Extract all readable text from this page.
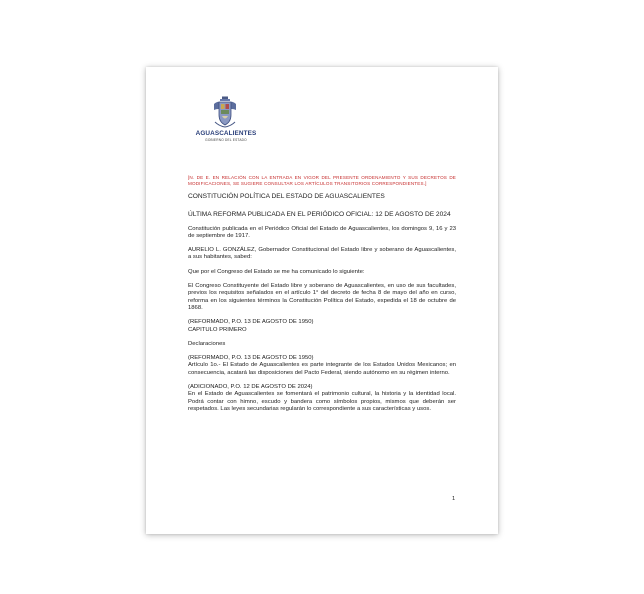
AGUASCALIENTES
GOBIERNO DEL ESTADO

[N. DE E. EN RELACIÓN CON LA ENTRADA EN VIGOR DEL PRESENTE ORDENAMIENTO Y SUS DECRETOS DE MODIFICACIONES, SE SUGIERE CONSULTAR LOS ARTÍCULOS TRANSITORIOS CORRESPONDIENTES.]

CONSTITUCIÓN POLÍTICA DEL ESTADO DE AGUASCALIENTES

ÚLTIMA REFORMA PUBLICADA EN EL PERIÓDICO OFICIAL: 12 DE AGOSTO DE 2024

Constitución publicada en el Periódico Oficial del Estado de Aguascalientes, los domingos 9, 16 y 23 de septiembre de 1917.

AURELIO L. GONZÁLEZ, Gobernador Constitucional del Estado libre y soberano de Aguascalientes, a sus habitantes, sabed:

Que por el Congreso del Estado se me ha comunicado lo siguiente:

El Congreso Constituyente del Estado libre y soberano de Aguascalientes, en uso de sus facultades, previos los requisitos señalados en el artículo 1° del decreto de fecha 8 de mayo del año en curso, reforma en los siguientes términos la Constitución Política del Estado, expedida el 18 de octubre de 1868.

(REFORMADO, P.O. 13 DE AGOSTO DE 1950)

CAPITULO PRIMERO

Declaraciones

(REFORMADO, P.O. 13 DE AGOSTO DE 1950)

Artículo 1o.- El Estado de Aguascalientes es parte integrante de los Estados Unidos Mexicanos; en consecuencia, acatará las disposiciones del Pacto Federal, siendo autónomo en su régimen interno.

(ADICIONADO, P.O. 12 DE AGOSTO DE 2024)

En el Estado de Aguascalientes se fomentará el patrimonio cultural, la historia y la identidad local. Podrá contar con himno, escudo y bandera como símbolos propios, mismos que deberán ser respetados. Las leyes secundarias regularán lo correspondiente a sus características y usos.

1
